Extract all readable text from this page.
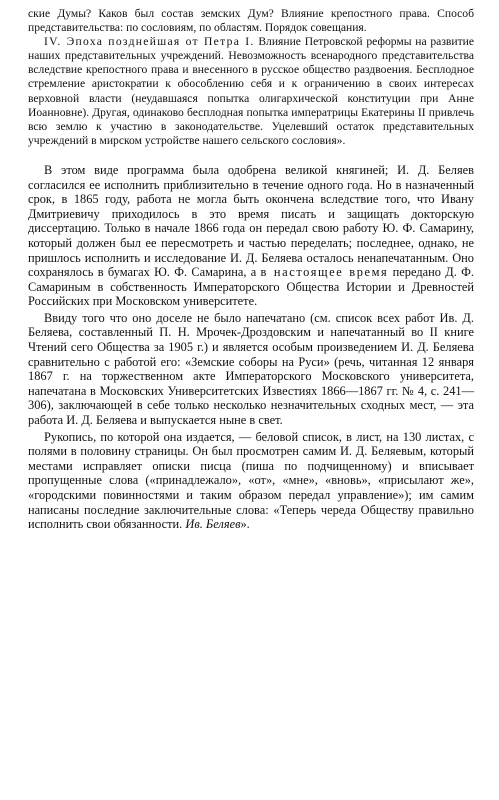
ские Думы? Каков был состав земских Дум? Влияние крепостного права. Способ представительства: по сословиям, по областям. Порядок совещания.

IV. Эпоха позднейшая от Петра I. Влияние Петровской реформы на развитие наших представительных учреждений. Невозможность всенародного представительства вследствие крепостного права и внесенного в русское общество раздвоения. Бесплодное стремление аристократии к обособлению себя и к ограничению в своих интересах верховной власти (неудавшаяся попытка олигархической конституции при Анне Иоанновне). Другая, одинаково бесплодная попытка императрицы Екатерины II привлечь всю землю к участию в законодательстве. Уцелевший остаток представительных учреждений в мирском устройстве нашего сельского сословия».

В этом виде программа была одобрена великой княгиней; И. Д. Беляев согласился ее исполнить приблизительно в течение одного года. Но в назначенный срок, в 1865 году, работа не могла быть окончена вследствие того, что Ивану Дмитриевичу приходилось в это время писать и защищать докторскую диссертацию. Только в начале 1866 года он передал свою работу Ю. Ф. Самарину, который должен был ее пересмотреть и частью переделать; последнее, однако, не пришлось исполнить и исследование И. Д. Беляева осталось ненапечатанным. Оно сохранялось в бумагах Ю. Ф. Самарина, а в настоящее время передано Д. Ф. Самариным в собственность Императорского Общества Истории и Древностей Российских при Московском университете.

Ввиду того что оно доселе не было напечатано (см. список всех работ Ив. Д. Беляева, составленный П. Н. Мрочек-Дроздовским и напечатанный во II книге Чтений сего Общества за 1905 г.) и является особым произведением И. Д. Беляева сравнительно с работой его: «Земские соборы на Руси» (речь, читанная 12 января 1867 г. на торжественном акте Императорского Московского университета, напечатана в Московских Университетских Известиях 1866—1867 гг. № 4, с. 241—306), заключающей в себе только несколько незначительных сходных мест, — эта работа И. Д. Беляева и выпускается ныне в свет.

Рукопись, по которой она издается, — беловой список, в лист, на 130 листах, с полями в половину страницы. Он был просмотрен самим И. Д. Беляевым, который местами исправляет описки писца (пиша по подчищенному) и вписывает пропущенные слова («принадлежало», «от», «мне», «вновь», «присылают же», «городскими повинностями и таким образом передал управление»); им самим написаны последние заключительные слова: «Теперь череда Обществу правильно исполнить свои обязанности. Ив. Беляев».
